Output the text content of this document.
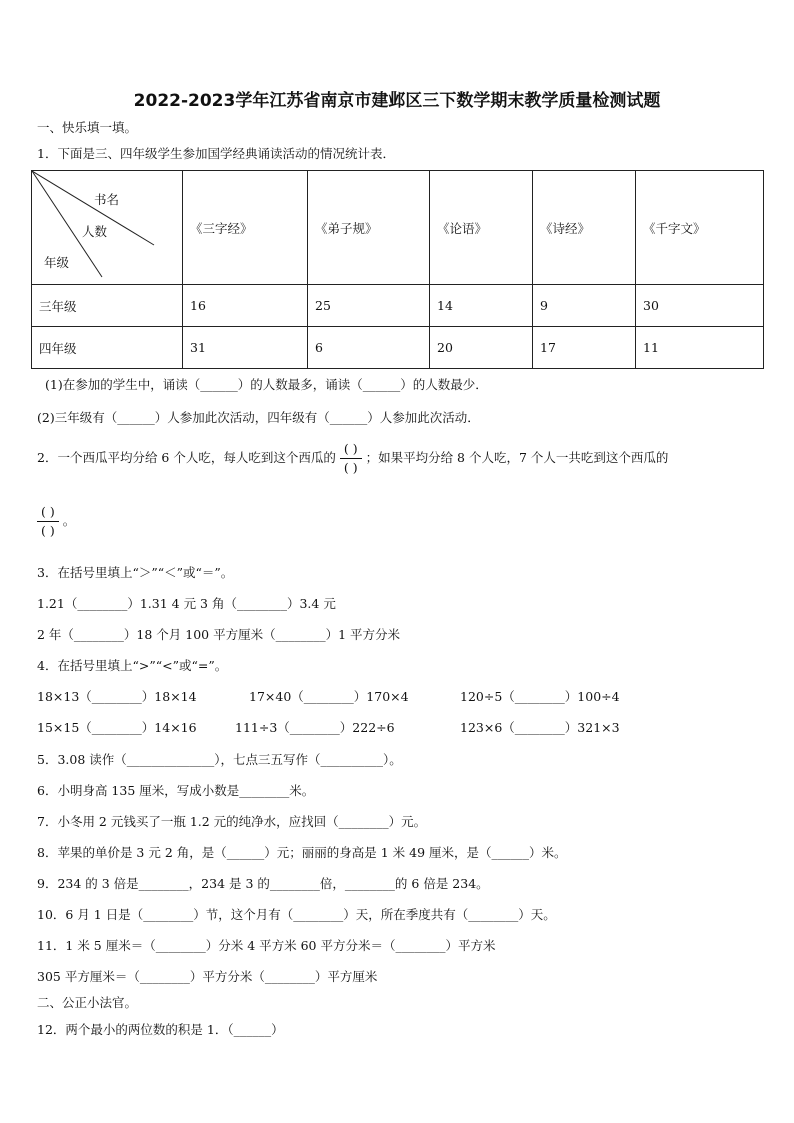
2022-2023学年江苏省南京市建邺区三下数学期末教学质量检测试题
一、快乐填一填。
1．下面是三、四年级学生参加国学经典诵读活动的情况统计表．
书名
人数
年级	《三字经》	《弟子规》	《论语》	《诗经》	《千字文》
三年级	16	25	14	9	30
四年级	31	6	20	17	11
(1)在参加的学生中，诵读（______）的人数最多，诵读（______）的人数最少．
(2)三年级有（______）人参加此次活动，四年级有（______）人参加此次活动．
2．一个西瓜平均分给 6 个人吃，每人吃到这个西瓜的 $\frac{( )}{( )}$ ；如果平均分给 8 个人吃，7 个人一共吃到这个西瓜的
$\frac{( )}{( )}$ 。
3．在括号里填上“＞”“＜”或“＝”。
1.21（________）1.31 4 元 3 角（________）3.4 元
2 年（________）18 个月 100 平方厘米（________）1 平方分米
4．在括号里填上“>”“<”或“=”。
18×13（________）18×14	17×40（________）170×4	120÷5（________）100÷4
15×15（________）14×16	111÷3（________）222÷6	123×6（________）321×3
5．3.08 读作（______________），七点三五写作（__________）。
6．小明身高 135 厘米，写成小数是________米。
7．小冬用 2 元钱买了一瓶 1.2 元的纯净水，应找回（________）元。
8．苹果的单价是 3 元 2 角，是（______）元；丽丽的身高是 1 米 49 厘米，是（______）米。
9．234 的 3 倍是________，234 是 3 的________倍，________的 6 倍是 234。
10．6 月 1 日是（________）节，这个月有（________）天，所在季度共有（________）天。
11．1 米 5 厘米＝（________）分米 4 平方米 60 平方分米＝（________）平方米
305 平方厘米＝（________）平方分米（________）平方厘米
二、公正小法官。
12．两个最小的两位数的积是 1．（______）
